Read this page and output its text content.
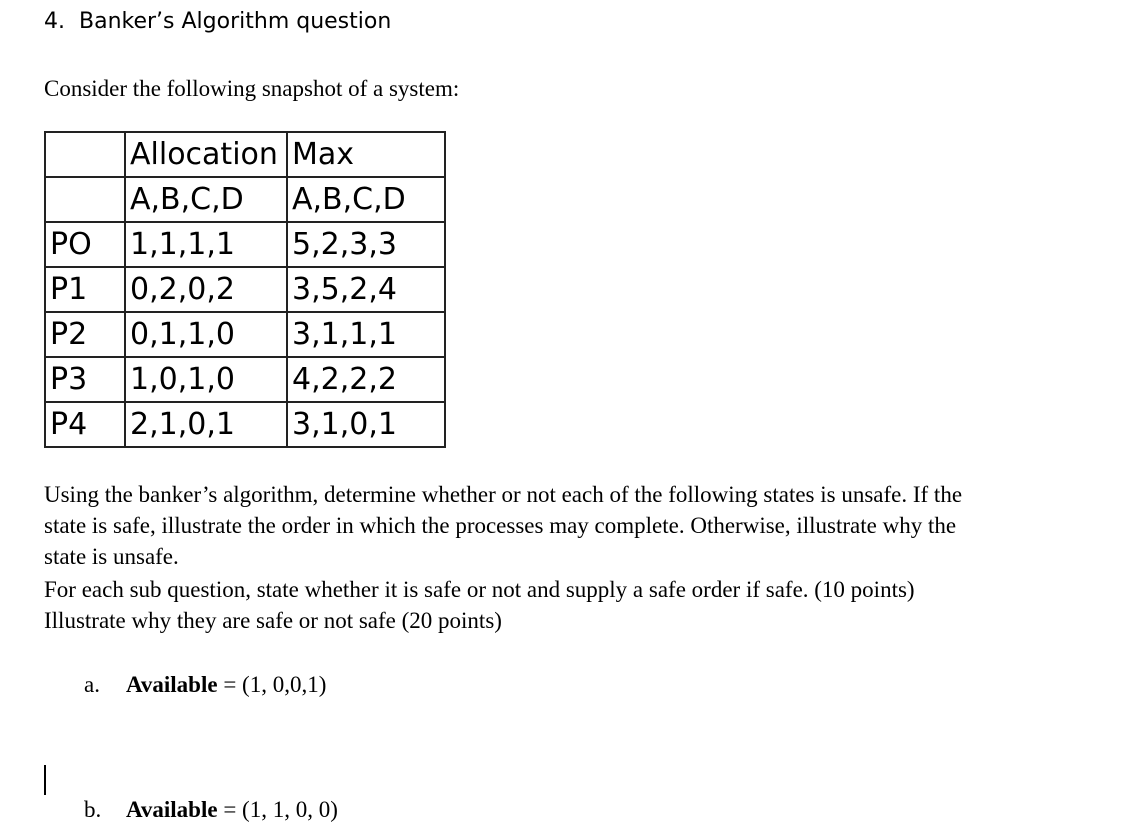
4. Banker’s Algorithm question
Consider the following snapshot of a system:
	Allocation	Max
	A,B,C,D	A,B,C,D
PO	1,1,1,1	5,2,3,3
P1	0,2,0,2	3,5,2,4
P2	0,1,1,0	3,1,1,1
P3	1,0,1,0	4,2,2,2
P4	2,1,0,1	3,1,0,1

Using the banker’s algorithm, determine whether or not each of the following states is unsafe. If the

state is safe, illustrate the order in which the processes may complete. Otherwise, illustrate why the

state is unsafe.

For each sub question, state whether it is safe or not and supply a safe order if safe. (10 points)

Illustrate why they are safe or not safe (20 points)

a. Available = (1, 0,0,1)
b. Available = (1, 1, 0, 0)
